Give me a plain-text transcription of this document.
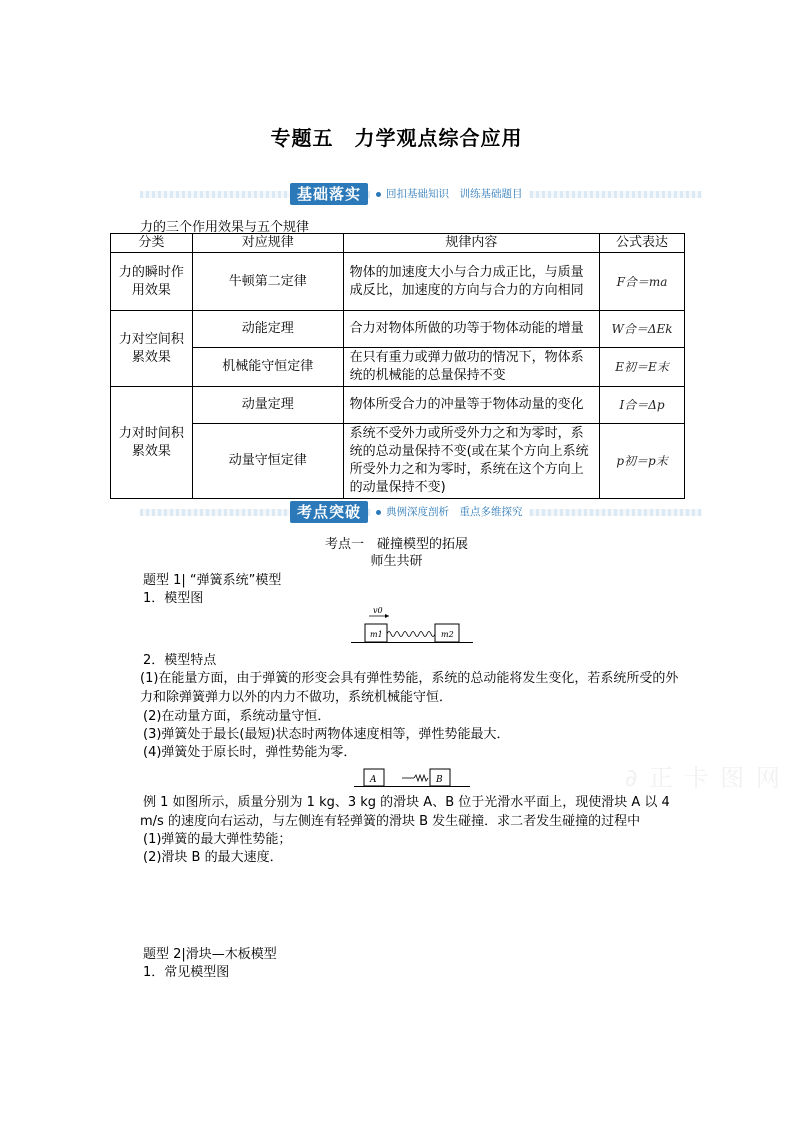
专题五　力学观点综合应用
基础落实	回扣基础知识　训练基础题目
力的三个作用效果与五个规律
分类	对应规律	规律内容	公式表达
力的瞬时作用效果	牛顿第二定律	物体的加速度大小与合力成正比，与质量成反比，加速度的方向与合力的方向相同	F合＝ma
力对空间积累效果	动能定理	合力对物体所做的功等于物体动能的增量	W合＝ΔEk
	机械能守恒定律	在只有重力或弹力做功的情况下，物体系统的机械能的总量保持不变	E初＝E末
力对时间积累效果	动量定理	物体所受合力的冲量等于物体动量的变化	I合＝Δp
	动量守恒定律	系统不受外力或所受外力之和为零时，系统的总动量保持不变(或在某个方向上系统所受外力之和为零时，系统在这个方向上的动量保持不变)	p初＝p末
考点突破	典例深度剖析　重点多维探究
考点一　碰撞模型的拓展
师生共研
题型 1| “弹簧系统”模型
1．模型图
v0
m1	m2
2．模型特点
(1)在能量方面，由于弹簧的形变会具有弹性势能，系统的总动能将发生变化，若系统所受的外力和除弹簧弹力以外的内力不做功，系统机械能守恒．
(2)在动量方面，系统动量守恒．
(3)弹簧处于最长(最短)状态时两物体速度相等，弹性势能最大．
(4)弹簧处于原长时，弹性势能为零．
A	B
例 1 如图所示，质量分别为 1 kg、3 kg 的滑块 A、B 位于光滑水平面上，现使滑块 A 以 4 m/s 的速度向右运动，与左侧连有轻弹簧的滑块 B 发生碰撞．求二者发生碰撞的过程中
(1)弹簧的最大弹性势能；
(2)滑块 B 的最大速度．
题型 2|滑块—木板模型
1．常见模型图
∂ 正 卡 图 网
